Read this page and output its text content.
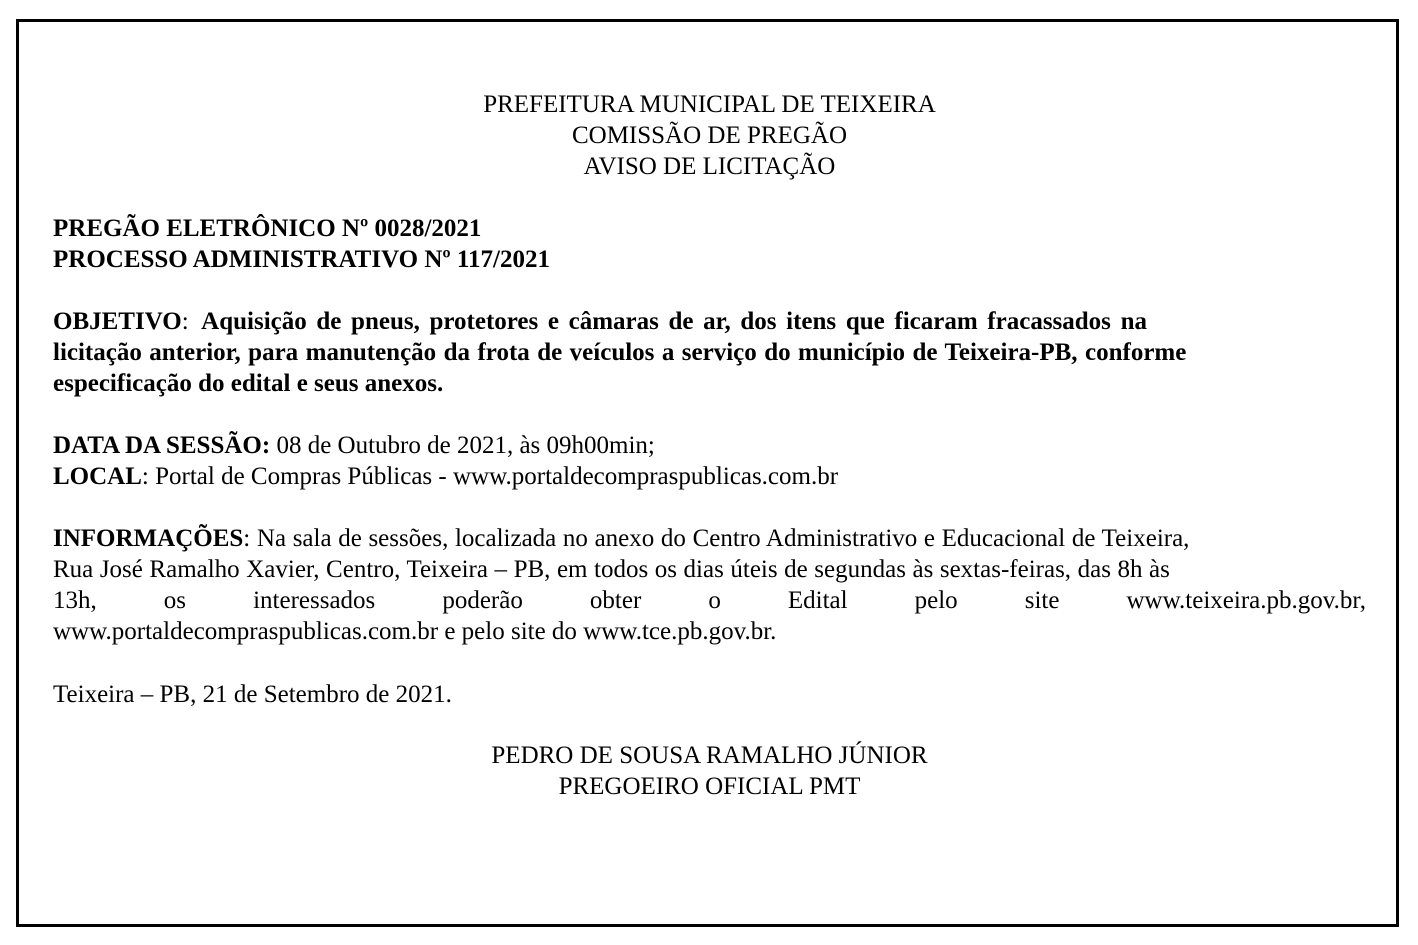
PREFEITURA MUNICIPAL DE TEIXEIRA
COMISSÃO DE PREGÃO
AVISO DE LICITAÇÃO
PREGÃO ELETRÔNICO Nº 0028/2021
PROCESSO ADMINISTRATIVO Nº 117/2021
OBJETIVO:  Aquisição de pneus, protetores e câmaras de ar, dos itens que ficaram fracassados na
licitação anterior, para manutenção da frota de veículos a serviço do município de Teixeira-PB, conforme
especificação do edital e seus anexos.
DATA DA SESSÃO: 08 de Outubro de 2021, às 09h00min;
LOCAL: Portal de Compras Públicas - www.portaldecompraspublicas.com.br
INFORMAÇÕES: Na sala de sessões, localizada no anexo do Centro Administrativo e Educacional de Teixeira,
Rua José Ramalho Xavier, Centro, Teixeira – PB, em todos os dias úteis de segundas às sextas-feiras, das 8h às
13h,	os	interessados	poderão	obter	o	Edital	pelo	site	www.teixeira.pb.gov.br,
www.portaldecompraspublicas.com.br e pelo site do www.tce.pb.gov.br.
Teixeira – PB, 21 de Setembro de 2021.
PEDRO DE SOUSA RAMALHO JÚNIOR
PREGOEIRO OFICIAL PMT
